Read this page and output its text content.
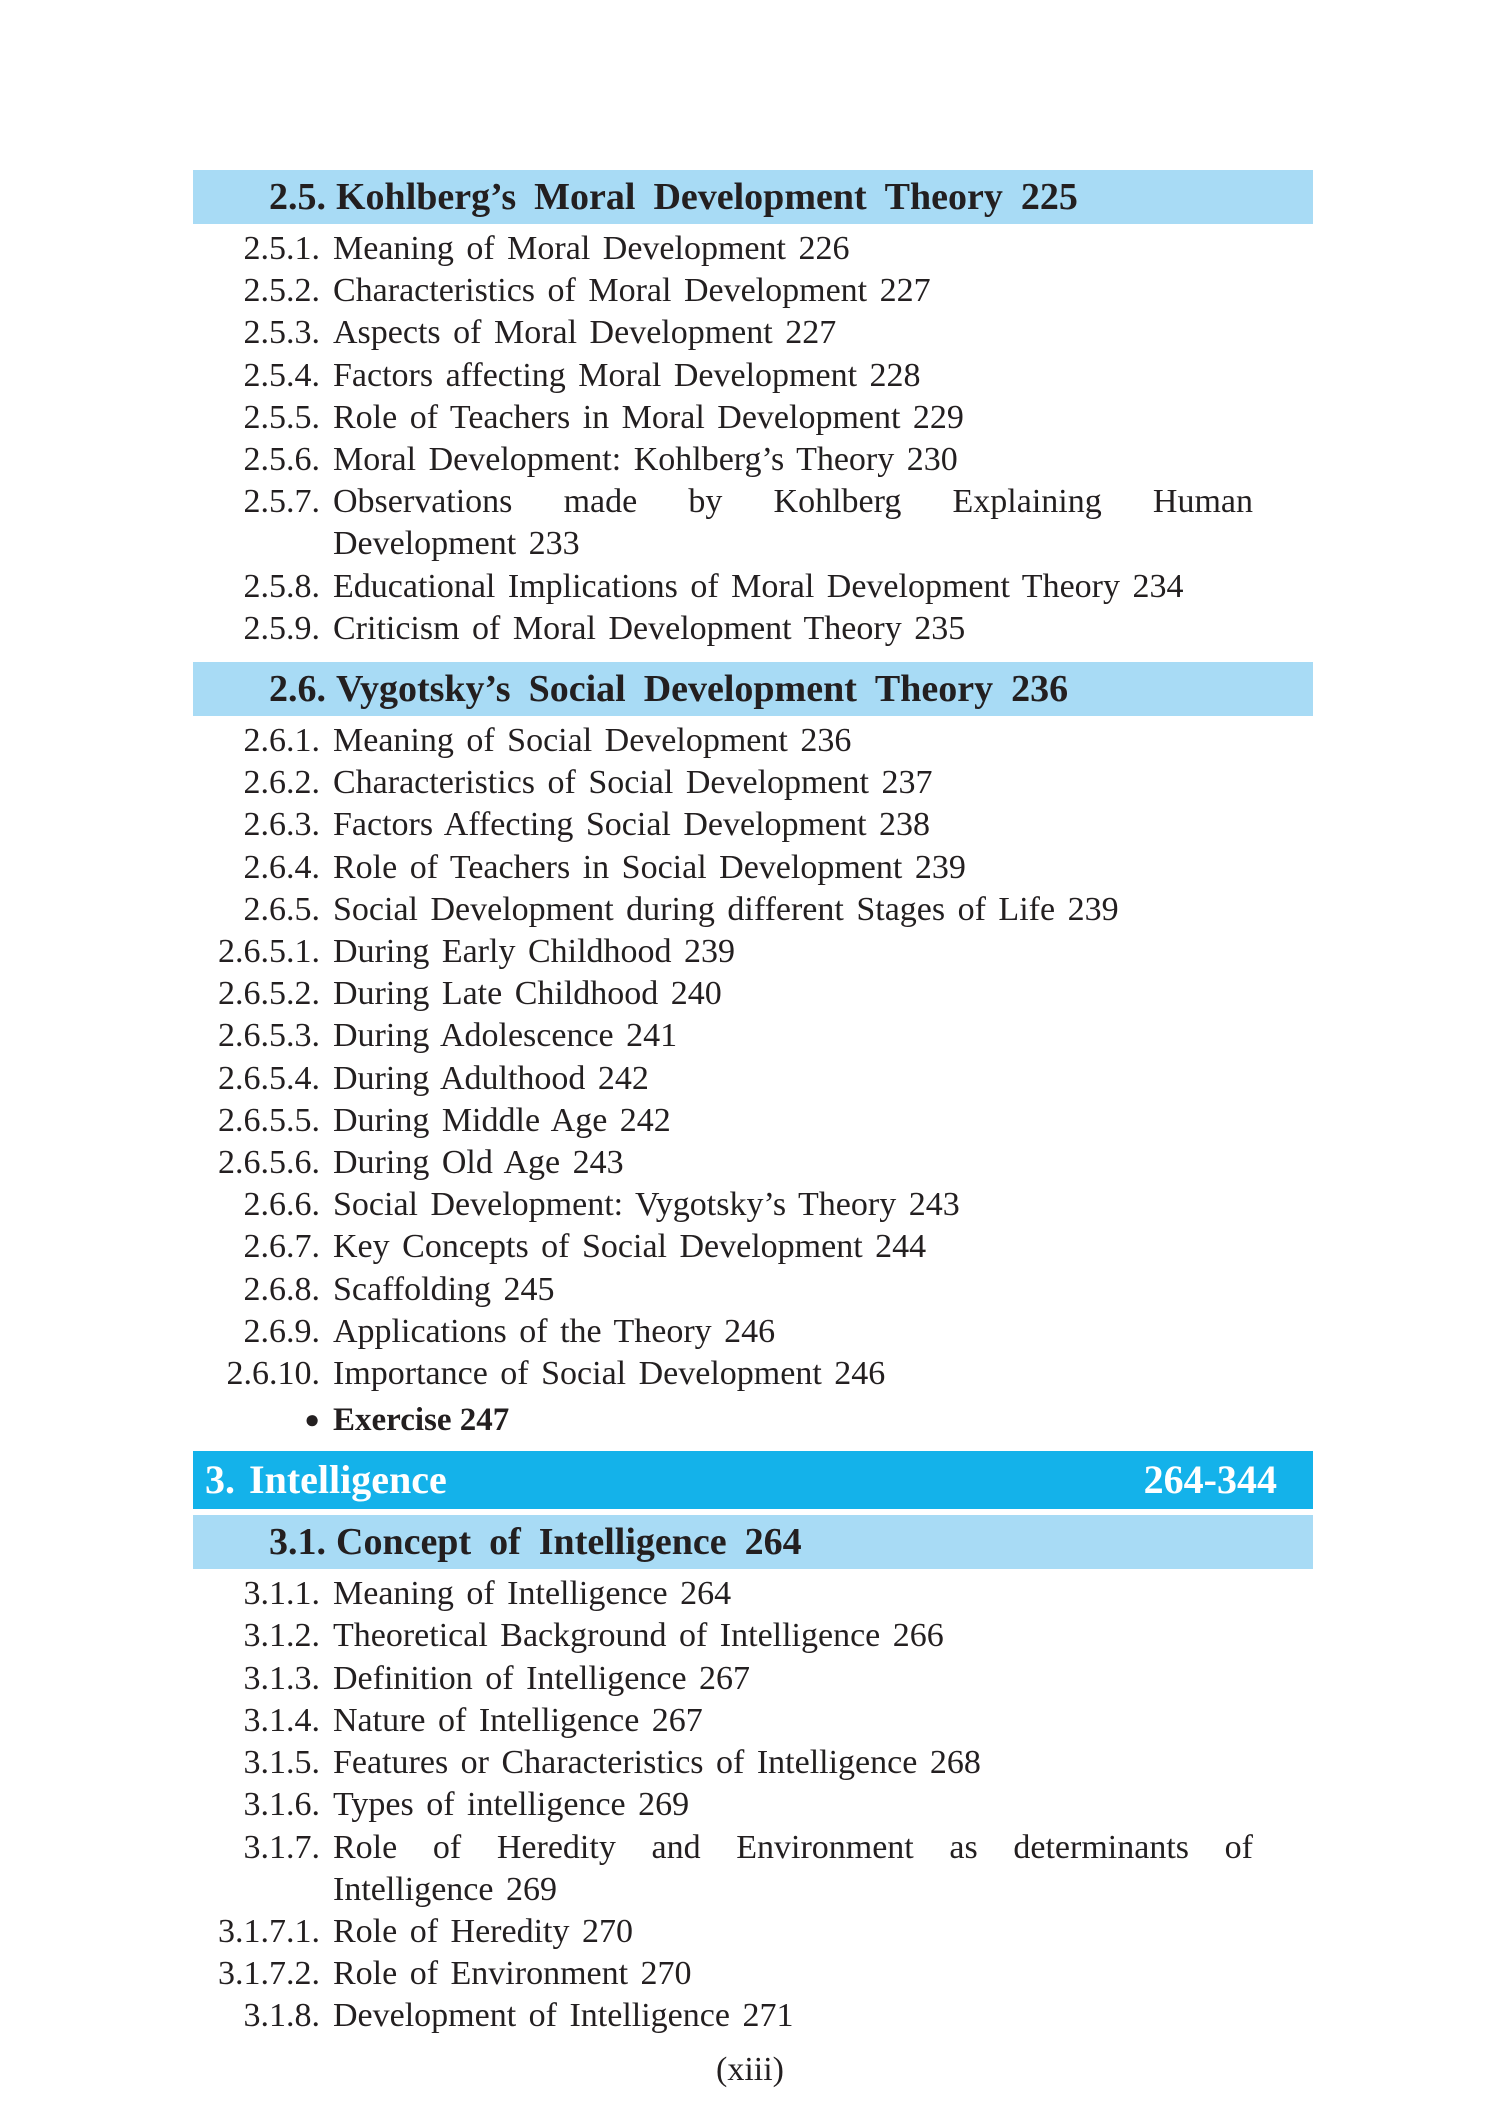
2.5. Kohlberg’s Moral Development Theory 225
2.5.1. Meaning of Moral Development 226
2.5.2. Characteristics of Moral Development 227
2.5.3. Aspects of Moral Development 227
2.5.4. Factors affecting Moral Development 228
2.5.5. Role of Teachers in Moral Development 229
2.5.6. Moral Development: Kohlberg’s Theory 230
2.5.7. Observations made by Kohlberg Explaining Human Development 233
2.5.8. Educational Implications of Moral Development Theory 234
2.5.9. Criticism of Moral Development Theory 235
2.6. Vygotsky’s Social Development Theory 236
2.6.1. Meaning of Social Development 236
2.6.2. Characteristics of Social Development 237
2.6.3. Factors Affecting Social Development 238
2.6.4. Role of Teachers in Social Development 239
2.6.5. Social Development during different Stages of Life 239
2.6.5.1. During Early Childhood 239
2.6.5.2. During Late Childhood 240
2.6.5.3. During Adolescence 241
2.6.5.4. During Adulthood 242
2.6.5.5. During Middle Age 242
2.6.5.6. During Old Age 243
2.6.6. Social Development: Vygotsky’s Theory 243
2.6.7. Key Concepts of Social Development 244
2.6.8. Scaffolding 245
2.6.9. Applications of the Theory 246
2.6.10. Importance of Social Development 246
● Exercise 247
3. Intelligence	264-344
3.1. Concept of Intelligence 264
3.1.1. Meaning of Intelligence 264
3.1.2. Theoretical Background of Intelligence 266
3.1.3. Definition of Intelligence 267
3.1.4. Nature of Intelligence 267
3.1.5. Features or Characteristics of Intelligence 268
3.1.6. Types of intelligence 269
3.1.7. Role of Heredity and Environment as determinants of Intelligence 269
3.1.7.1. Role of Heredity 270
3.1.7.2. Role of Environment 270
3.1.8. Development of Intelligence 271
(xiii)
